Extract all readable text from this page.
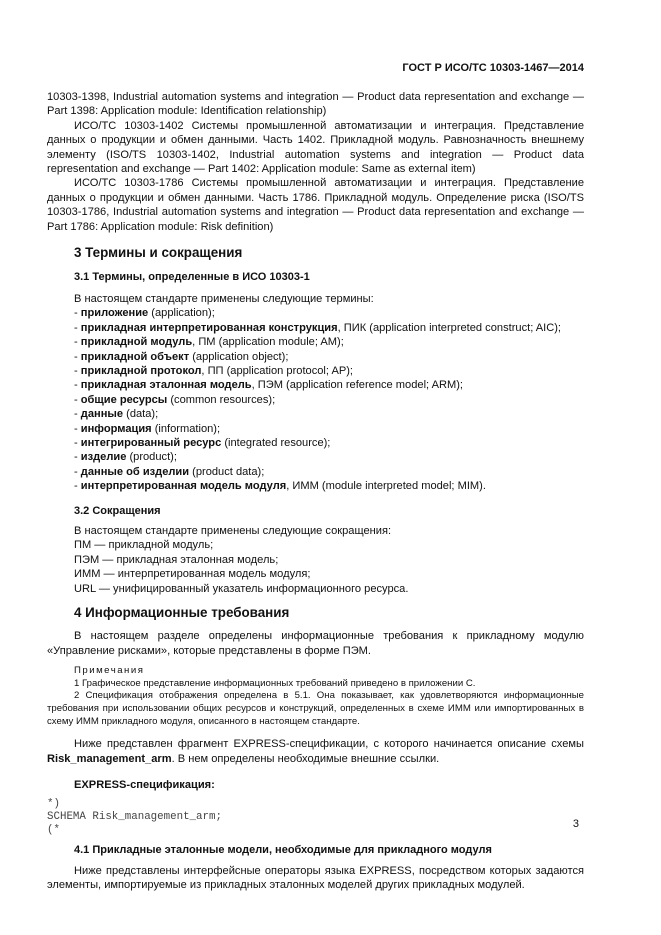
ГОСТ Р ИСО/ТС 10303-1467—2014

10303-1398, Industrial automation systems and integration — Product data representation and exchange — Part 1398: Application module: Identification relationship)

ИСО/ТС 10303-1402 Системы промышленной автоматизации и интеграция. Представление данных о продукции и обмен данными. Часть 1402. Прикладной модуль. Равнозначность внешнему элементу (ISO/TS 10303-1402, Industrial automation systems and integration — Product data representation and exchange — Part 1402: Application module: Same as external item)

ИСО/ТС 10303-1786 Системы промышленной автоматизации и интеграция. Представление данных о продукции и обмен данными. Часть 1786. Прикладной модуль. Определение риска (ISO/TS 10303-1786, Industrial automation systems and integration — Product data representation and exchange — Part 1786: Application module: Risk definition)

3 Термины и сокращения
3.1 Термины, определенные в ИСО 10303-1

В настоящем стандарте применены следующие термины:

- приложение (application);
- прикладная интерпретированная конструкция, ПИК (application interpreted construct; AIC);
- прикладной модуль, ПМ (application module; AM);
- прикладной объект (application object);
- прикладной протокол, ПП (application protocol; AP);
- прикладная эталонная модель, ПЭМ (application reference model; ARM);
- общие ресурсы (common resources);
- данные (data);
- информация (information);
- интегрированный ресурс (integrated resource);
- изделие (product);
- данные об изделии (product data);
- интерпретированная модель модуля, ИММ (module interpreted model; MIM).
3.2 Сокращения

В настоящем стандарте применены следующие сокращения:

ПМ — прикладной модуль;
ПЭМ — прикладная эталонная модель;
ИММ — интерпретированная модель модуля;
URL — унифицированный указатель информационного ресурса.
4 Информационные требования

В настоящем разделе определены информационные требования к прикладному модулю «Управление рисками», которые представлены в форме ПЭМ.

Примечания

1 Графическое представление информационных требований приведено в приложении С.

2 Спецификация отображения определена в 5.1. Она показывает, как удовлетворяются информационные требования при использовании общих ресурсов и конструкций, определенных в схеме ИММ или импортированных в схему ИММ прикладного модуля, описанного в настоящем стандарте.

Ниже представлен фрагмент EXPRESS-спецификации, с которого начинается описание схемы Risk_management_arm. В нем определены необходимые внешние ссылки.

EXPRESS-спецификация:
*)
SCHEMA Risk_management_arm;
(*
4.1 Прикладные эталонные модели, необходимые для прикладного модуля

Ниже представлены интерфейсные операторы языка EXPRESS, посредством которых задаются элементы, импортируемые из прикладных эталонных моделей других прикладных модулей.

3
